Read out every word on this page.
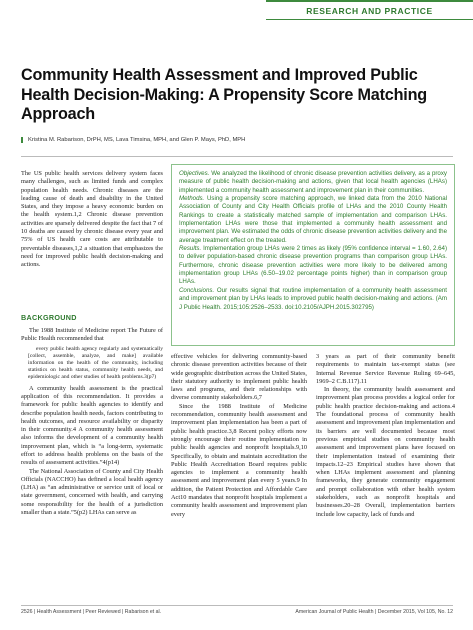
RESEARCH AND PRACTICE
Community Health Assessment and Improved Public Health Decision-Making: A Propensity Score Matching Approach
Kristina M. Rabarison, DrPH, MS, Lava Timsina, MPH, and Glen P. Mays, PhD, MPH

The US public health services delivery system faces many challenges, such as limited funds and complex population health needs. Chronic diseases are the leading cause of death and disability in the United States, and they impose a heavy economic burden on the health system.1,2 Chronic disease prevention activities are sparsely delivered despite the fact that 7 of 10 deaths are caused by chronic disease every year and 75% of US health care costs are attributable to preventable diseases,1,2 a situation that emphasizes the need for improved public health decision-making and actions.

Objectives. We analyzed the likelihood of chronic disease prevention activities delivery, as a proxy measure of public health decision-making and actions, given that local health agencies (LHAs) implemented a community health assessment and improvement plan in their communities.

Methods. Using a propensity score matching approach, we linked data from the 2010 National Association of County and City Health Officials profile of LHAs and the 2010 County Health Rankings to create a statistically matched sample of implementation and comparison LHAs. Implementation LHAs were those that implemented a community health assessment and improvement plan. We estimated the odds of chronic disease prevention activities delivery and the average treatment effect on the treated.

Results. Implementation group LHAs were 2 times as likely (95% confidence interval = 1.60, 2.64) to deliver population-based chronic disease prevention programs than comparison group LHAs. Furthermore, chronic disease prevention activities were more likely to be delivered among implementation group LHAs (6.50–19.02 percentage points higher) than in comparison group LHAs.

Conclusions. Our results signal that routine implementation of a community health assessment and improvement plan by LHAs leads to improved public health decision-making and actions. (Am J Public Health. 2015;105:2526–2533. doi:10.2105/AJPH.2015.302795)

BACKGROUND

The 1988 Institute of Medicine report The Future of Public Health recommended that

every public health agency regularly and systematically [collect, assemble, analyze, and make] available information on the health of the community, including statistics on health status, community health needs, and epidemiologic and other studies of health problems.3(p7)

A community health assessment is the practical application of this recommendation. It provides a framework for public health agencies to identify and describe population health needs, factors contributing to health outcomes, and resource availability or disparity in their community.4 A community health assessment also informs the development of a community health improvement plan, which is “a long-term, systematic effort to address health problems on the basis of the results of assessment activities.”4(p14)

The National Association of County and City Health Officials (NACCHO) has defined a local health agency (LHA) as “an administrative or service unit of local or state government, concerned with health, and carrying some responsibility for the health of a jurisdiction smaller than a state.”5(p2) LHAs can serve as

effective vehicles for delivering community-based chronic disease prevention activities because of their wide geographic distribution across the United States, their statutory authority to implement public health laws and programs, and their relationships with diverse community stakeholders.6,7

Since the 1988 Institute of Medicine recommendation, community health assessment and improvement plan implementation has been a part of public health practice.3,8 Recent policy efforts now strongly encourage their routine implementation in public health agencies and nonprofit hospitals.9,10 Specifically, to obtain and maintain accreditation the Public Health Accreditation Board requires public agencies to implement a community health assessment and improvement plan every 5 years.9 In addition, the Patient Protection and Affordable Care Act10 mandates that nonprofit hospitals implement a community health assessment and improvement plan every

3 years as part of their community benefit requirements to maintain tax-exempt status (see Internal Revenue Service Revenue Ruling 69–645, 1969–2 C.B.117).11

In theory, the community health assessment and improvement plan process provides a logical order for public health practice decision-making and actions.4 The foundational process of community health assessment and improvement plan implementation and its barriers are well documented because most previous empirical studies on community health assessment and improvement plans have focused on their implementation instead of examining their impacts.12–23 Empirical studies have shown that when LHAs implement assessment and planning frameworks, they generate community engagement and prompt collaboration with other health system stakeholders, such as nonprofit hospitals and businesses.20–28 Overall, implementation barriers include low capacity, lack of funds and

2526 | Health Assessment | Peer Reviewed | Rabarison et al.	American Journal of Public Health | December 2015, Vol 105, No. 12
